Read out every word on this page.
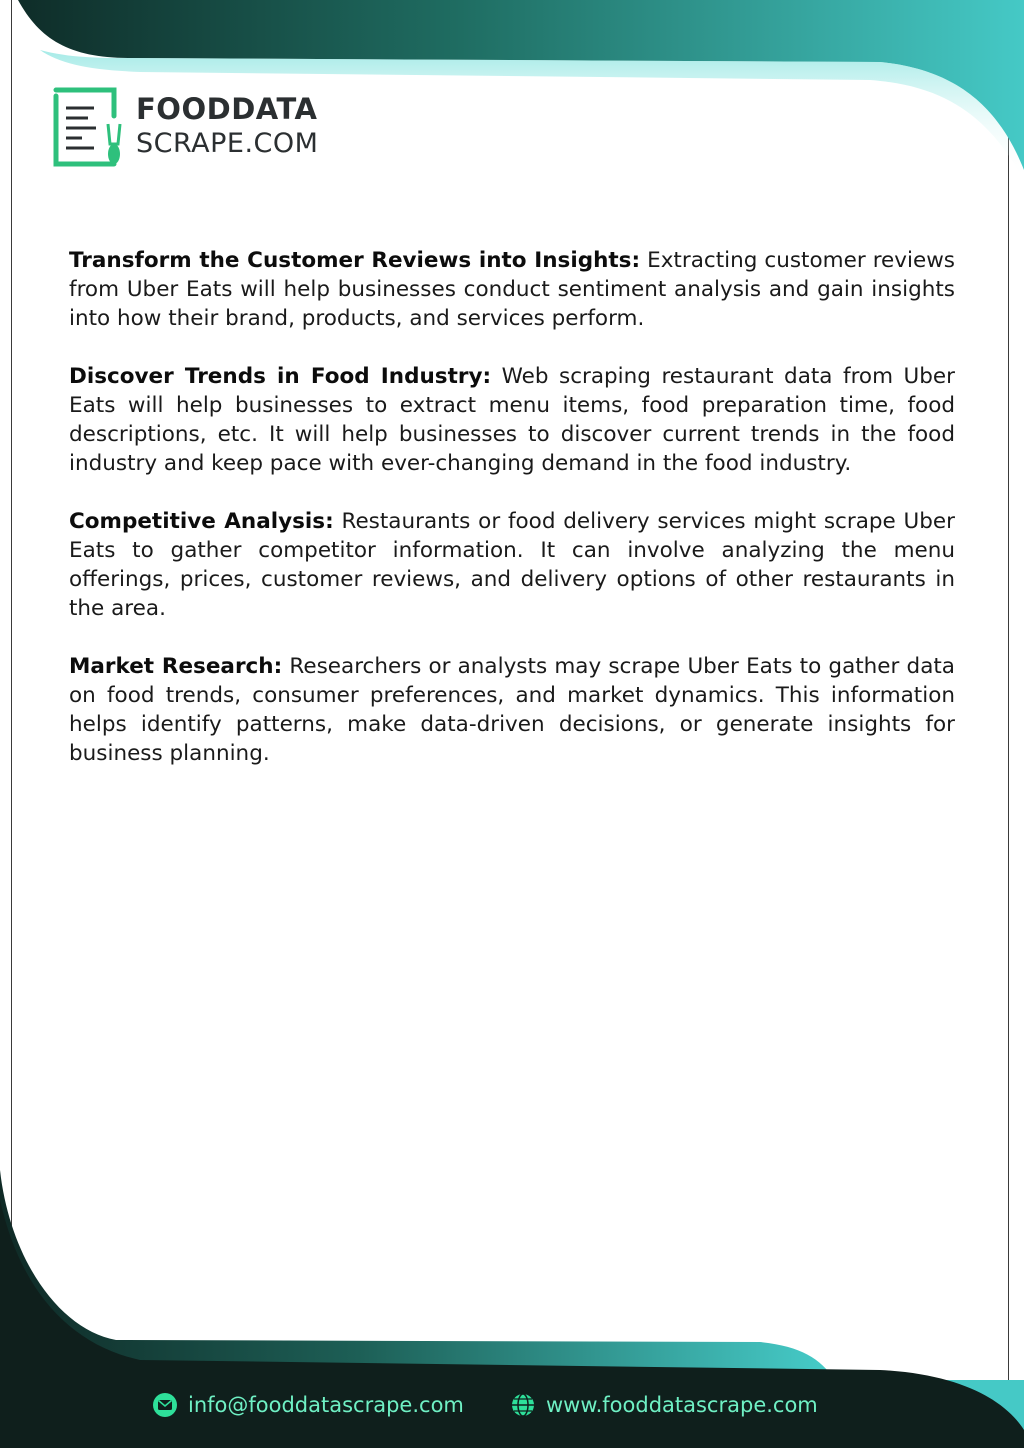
FOODDATA
SCRAPE.COM

Transform the Customer Reviews into Insights: Extracting customer reviews from Uber Eats will help businesses conduct sentiment analysis and gain insights into how their brand, products, and services perform.

Discover Trends in Food Industry: Web scraping restaurant data from Uber Eats will help businesses to extract menu items, food preparation time, food descriptions, etc. It will help businesses to discover current trends in the food industry and keep pace with ever-changing demand in the food industry.

Competitive Analysis: Restaurants or food delivery services might scrape Uber Eats to gather competitor information. It can involve analyzing the menu offerings, prices, customer reviews, and delivery options of other restaurants in the area.

Market Research: Researchers or analysts may scrape Uber Eats to gather data on food trends, consumer preferences, and market dynamics. This information helps identify patterns, make data-driven decisions, or generate insights for business planning.

info@fooddatascrape.com	www.fooddatascrape.com
